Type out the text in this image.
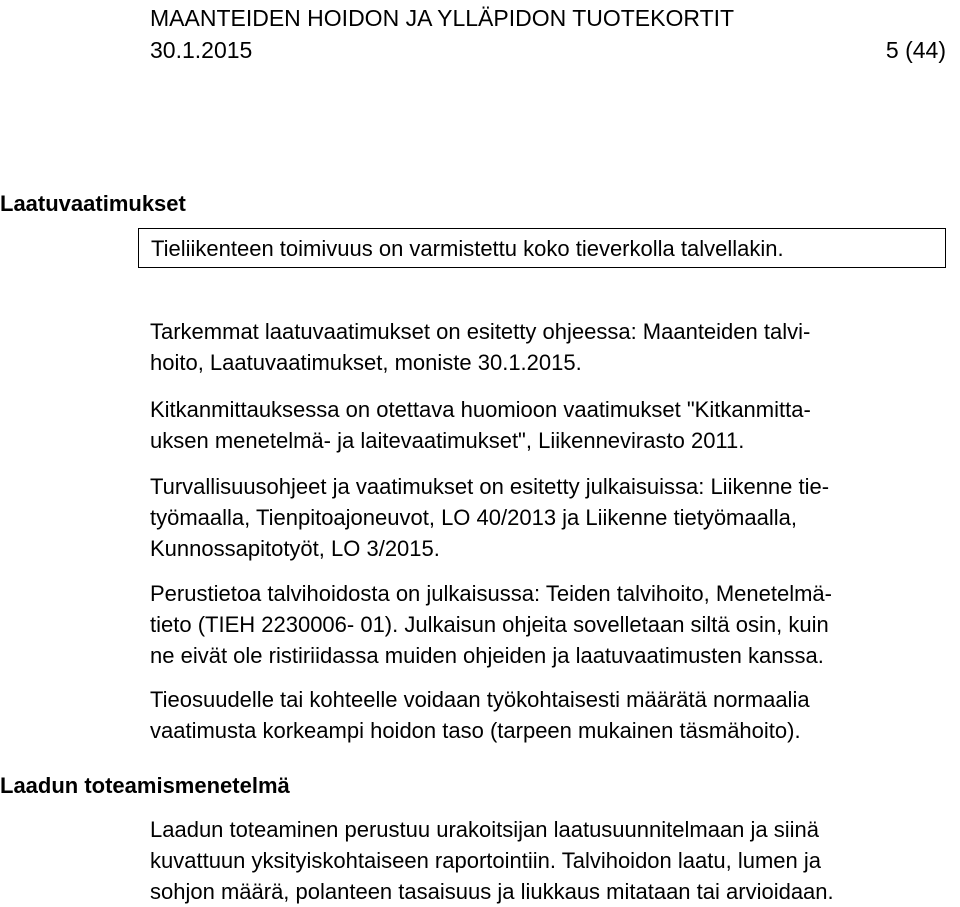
MAANTEIDEN HOIDON JA YLLÄPIDON TUOTEKORTIT
30.1.2015	5 (44)
Laatuvaatimukset
Tieliikenteen toimivuus on varmistettu koko tieverkolla talvellakin.

Tarkemmat laatuvaatimukset on esitetty ohjeessa: Maanteiden talvi-
hoito, Laatuvaatimukset, moniste 30.1.2015.

Kitkanmittauksessa on otettava huomioon vaatimukset "Kitkanmitta-
uksen menetelmä- ja laitevaatimukset", Liikennevirasto 2011.

Turvallisuusohjeet ja vaatimukset on esitetty julkaisuissa: Liikenne tie-
työmaalla, Tienpitoajoneuvot, LO 40/2013 ja Liikenne tietyömaalla,
Kunnossapitotyöt, LO 3/2015.

Perustietoa talvihoidosta on julkaisussa: Teiden talvihoito, Menetelmä-
tieto (TIEH 2230006- 01). Julkaisun ohjeita sovelletaan siltä osin, kuin
ne eivät ole ristiriidassa muiden ohjeiden ja laatuvaatimusten kanssa.

Tieosuudelle tai kohteelle voidaan työkohtaisesti määrätä normaalia
vaatimusta korkeampi hoidon taso (tarpeen mukainen täsmähoito).

Laadun toteamismenetelmä

Laadun toteaminen perustuu urakoitsijan laatusuunnitelmaan ja siinä
kuvattuun yksityiskohtaiseen raportointiin. Talvihoidon laatu, lumen ja
sohjon määrä, polanteen tasaisuus ja liukkaus mitataan tai arvioidaan.
